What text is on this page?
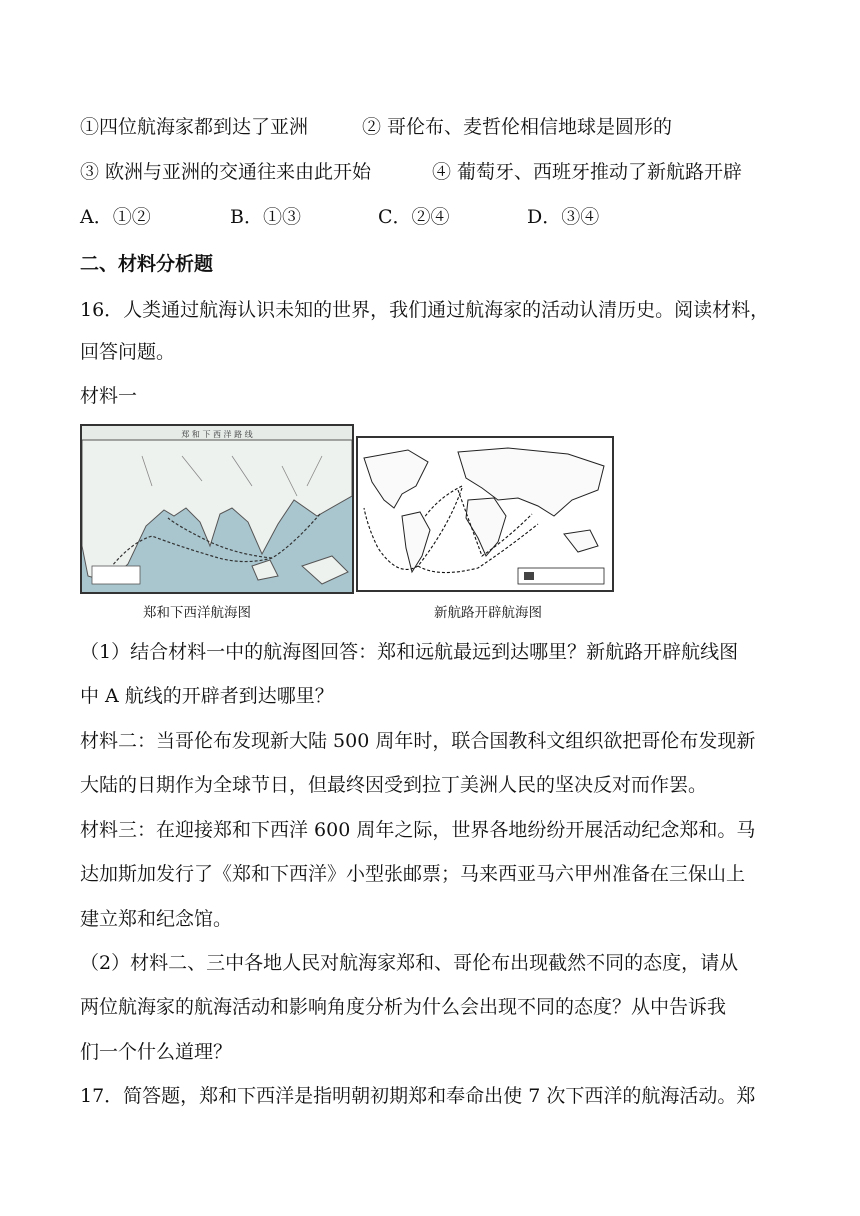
①四位航海家都到达了亚洲	② 哥伦布、麦哲伦相信地球是圆形的
③ 欧洲与亚洲的交通往来由此开始	④ 葡萄牙、西班牙推动了新航路开辟
A．①②	B．①③	C．②④	D．③④
二、材料分析题
16．人类通过航海认识未知的世界，我们通过航海家的活动认清历史。阅读材料，
回答问题。
材料一
郑 和 下 西 洋 路 线
郑和下西洋航海图	新航路开辟航海图
（1）结合材料一中的航海图回答：郑和远航最远到达哪里？新航路开辟航线图
中 A 航线的开辟者到达哪里？
材料二：当哥伦布发现新大陆 500 周年时，联合国教科文组织欲把哥伦布发现新
大陆的日期作为全球节日，但最终因受到拉丁美洲人民的坚决反对而作罢。
材料三：在迎接郑和下西洋 600 周年之际，世界各地纷纷开展活动纪念郑和。马
达加斯加发行了《郑和下西洋》小型张邮票；马来西亚马六甲州准备在三保山上
建立郑和纪念馆。
（2）材料二、三中各地人民对航海家郑和、哥伦布出现截然不同的态度，请从
两位航海家的航海活动和影响角度分析为什么会出现不同的态度？从中告诉我
们一个什么道理？
17．简答题，郑和下西洋是指明朝初期郑和奉命出使 7 次下西洋的航海活动。郑
